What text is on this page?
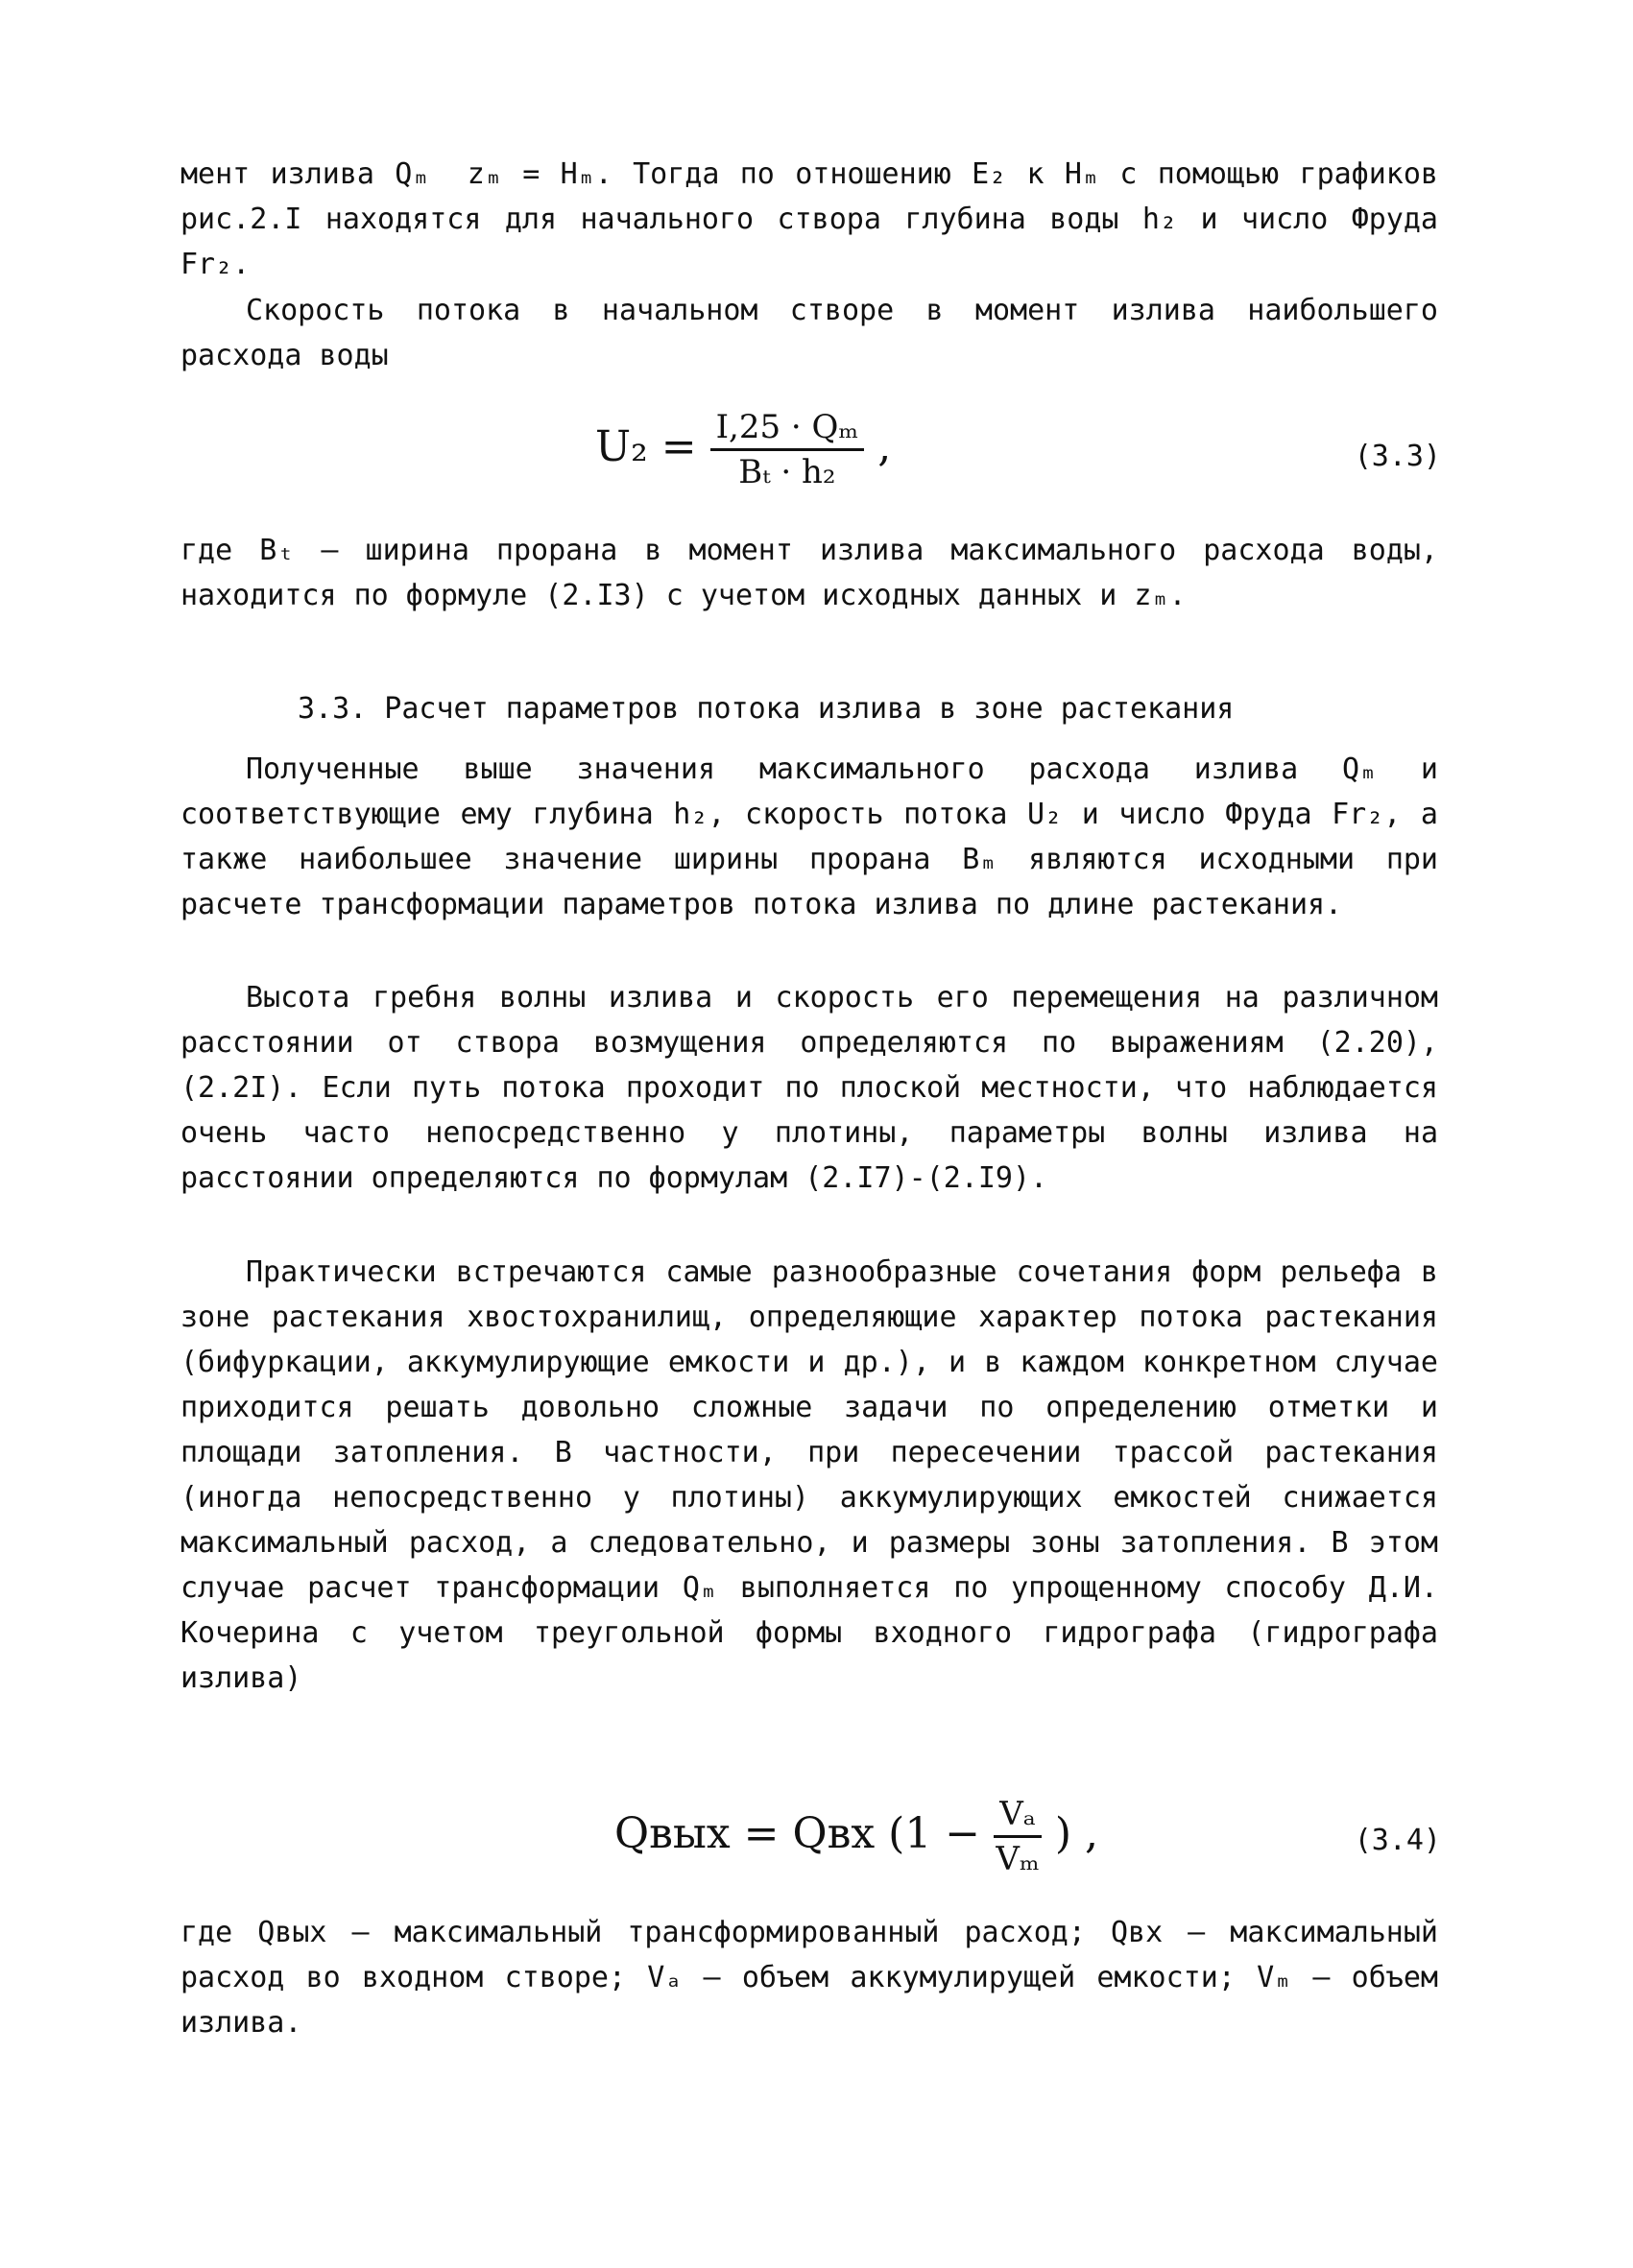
мент излива Qₘ  zₘ = Hₘ. Тогда по отношению E₂ к Hₘ с помощью графиков рис.2.I находятся для начального створа глубина воды h₂ и число Фруда Fr₂.
Скорость потока в начальном створе в момент излива наибольшего расхода воды
$U_2 = \frac{\text{I,25 · Qₘ}}{\text{Bₜ · h₂}}$ ,	(3.3)
где Bₜ – ширина прорана в момент излива максимального расхода воды, находится по формуле (2.I3) с учетом исходных данных и zₘ.
3.3. Расчет параметров потока излива в зоне растекания
Полученные выше значения максимального расхода излива Qₘ и соответствующие ему глубина h₂, скорость потока U₂ и число Фруда Fr₂, а также наибольшее значение ширины прорана Bₘ являются исходными при расчете трансформации параметров потока излива по длине растекания.
Высота гребня волны излива и скорость его перемещения на различном расстоянии от створа возмущения определяются по выражениям (2.20), (2.2I). Если путь потока проходит по плоской местности, что наблюдается очень часто непосредственно у плотины, параметры волны излива на расстоянии определяются по формулам (2.I7)-(2.I9).
Практически встречаются самые разнообразные сочетания форм рельефа в зоне растекания хвостохранилищ, определяющие характер потока растекания (бифуркации, аккумулирующие емкости и др.), и в каждом конкретном случае приходится решать довольно сложные задачи по определению отметки и площади затопления. В частности, при пересечении трассой растекания (иногда непосредственно у плотины) аккумулирующих емкостей снижается максимальный расход, а следовательно, и размеры зоны затопления. В этом случае расчет трансформации Qₘ выполняется по упрощенному способу Д.И. Кочерина с учетом треугольной формы входного гидрографа (гидрографа излива)
Qвых = Qвх ($1 - \frac{\text{Vₐ}}{\text{Vₘ}}$ ) ,	(3.4)
где Qвых – максимальный трансформированный расход; Qвх – максимальный расход во входном створе; Vₐ – объем аккумулирущей емкости; Vₘ – объем излива.
